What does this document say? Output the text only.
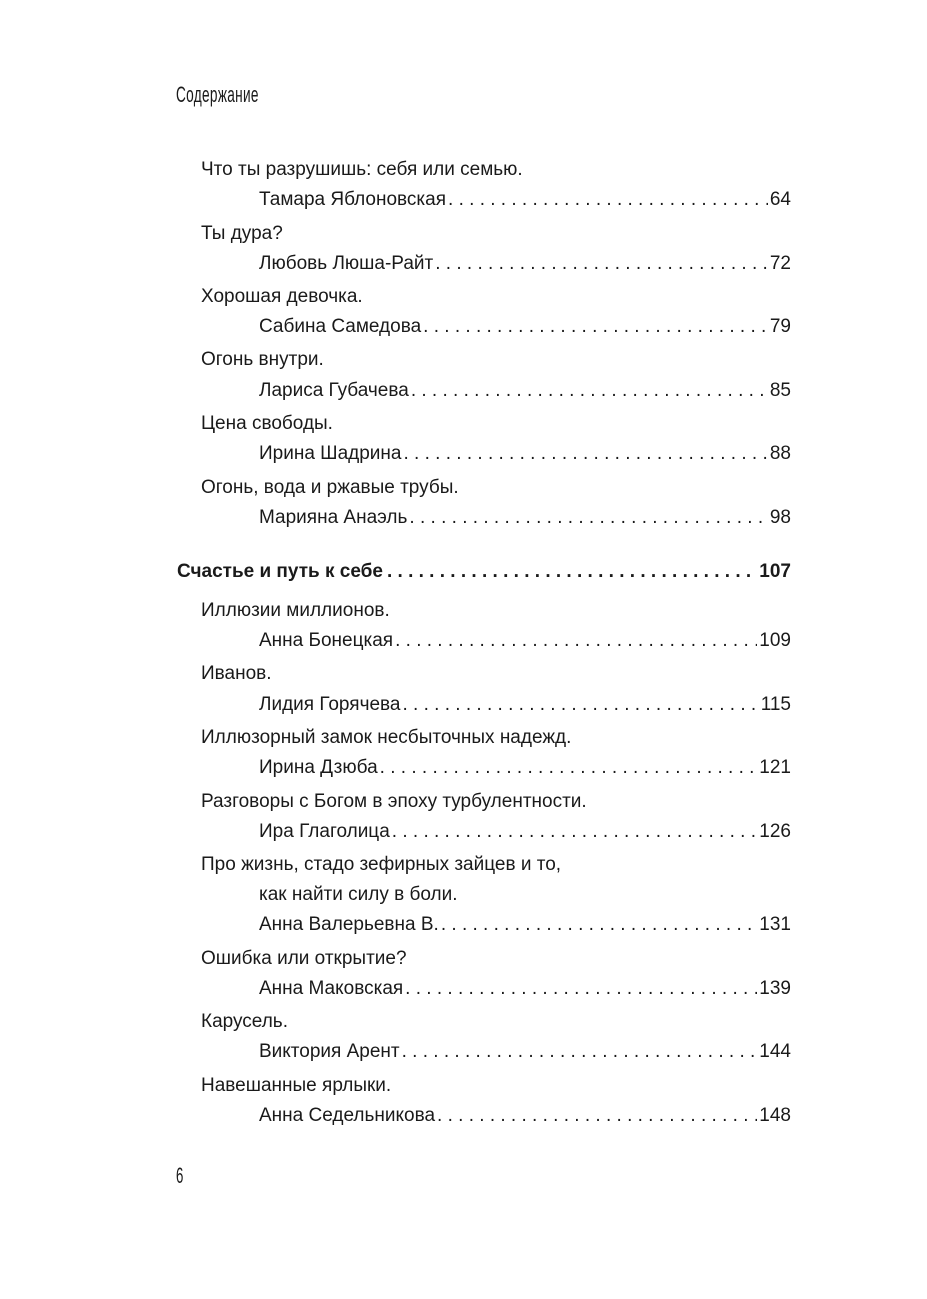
Содержание
Что ты разрушишь: себя или семью.
Тамара Яблоновская . . .	64
Ты дура?
Любовь Люша-Райт . . .	72
Хорошая девочка.
Сабина Самедова . . .	79
Огонь внутри.
Лариса Губачева . . .	85
Цена свободы.
Ирина Шадрина . . .	88
Огонь, вода и ржавые трубы.
Марияна Анаэль . . .	98
Счастье и путь к себе . . .	107
Иллюзии миллионов.
Анна Бонецкая . . .	109
Иванов.
Лидия Горячева . . .	115
Иллюзорный замок несбыточных надежд.
Ирина Дзюба . . .	121
Разговоры с Богом в эпоху турбулентности.
Ира Глаголица . . .	126
Про жизнь, стадо зефирных зайцев и то,
как найти силу в боли.
Анна Валерьевна В. . . .	131
Ошибка или открытие?
Анна Маковская . . .	139
Карусель.
Виктория Арент . . .	144
Навешанные ярлыки.
Анна Седельникова . . .	148
6
